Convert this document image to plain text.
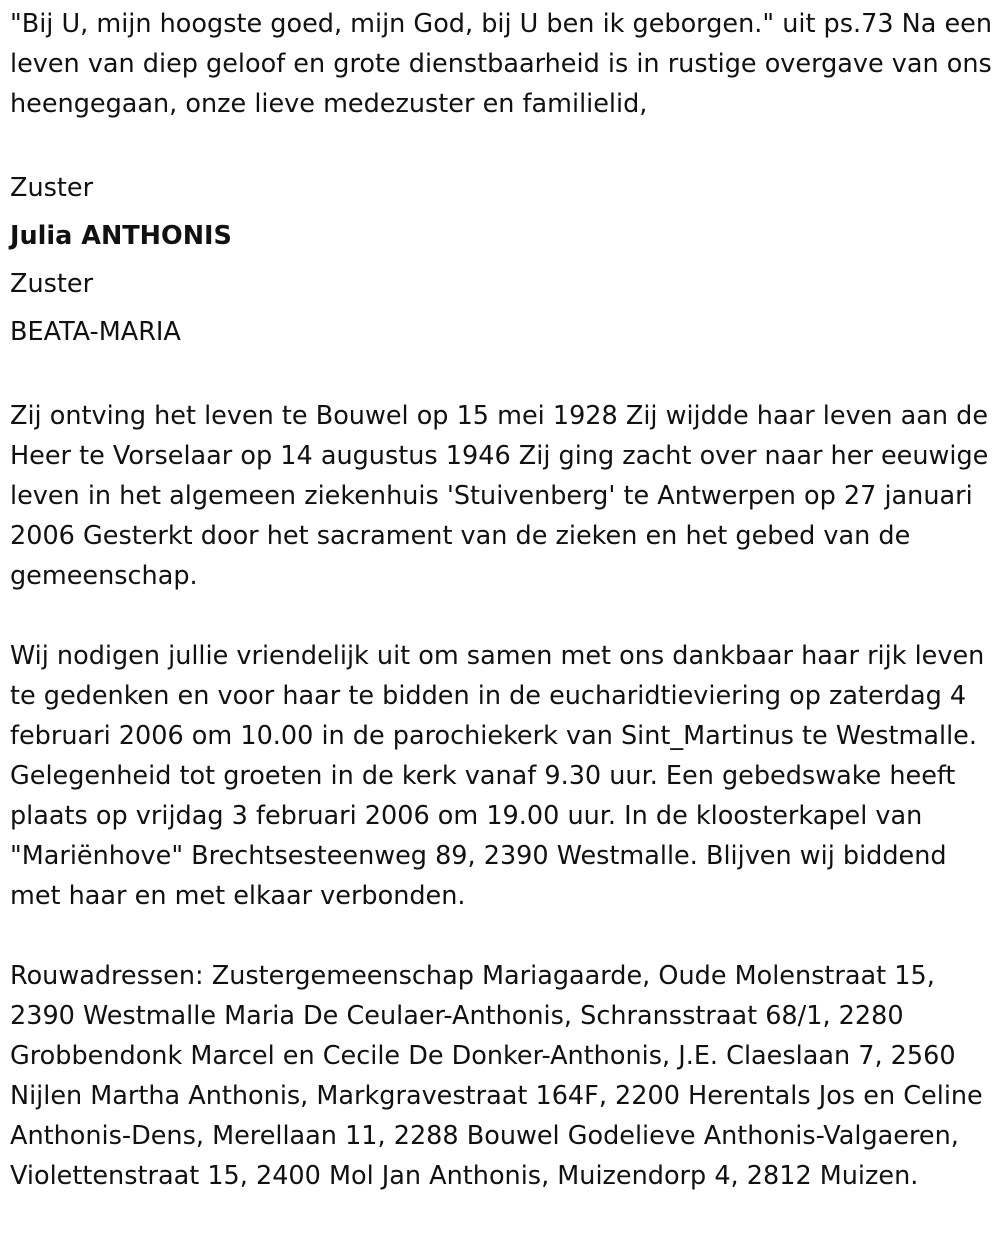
"Bij U, mijn hoogste goed, mijn God, bij U ben ik geborgen." uit ps.73 Na een leven van diep geloof en grote dienstbaarheid is in rustige overgave van ons heengegaan, onze lieve medezuster en familielid,

Zuster

Julia ANTHONIS

Zuster

BEATA-MARIA

Zij ontving het leven te Bouwel op 15 mei 1928 Zij wijdde haar leven aan de Heer te Vorselaar op 14 augustus 1946 Zij ging zacht over naar her eeuwige leven in het algemeen ziekenhuis 'Stuivenberg' te Antwerpen op 27 januari 2006 Gesterkt door het sacrament van de zieken en het gebed van de gemeenschap.

Wij nodigen jullie vriendelijk uit om samen met ons dankbaar haar rijk leven te gedenken en voor haar te bidden in de eucharidtieviering op zaterdag 4 februari 2006 om 10.00 in de parochiekerk van Sint_Martinus te Westmalle. Gelegenheid tot groeten in de kerk vanaf 9.30 uur. Een gebedswake heeft plaats op vrijdag 3 februari 2006 om 19.00 uur. In de kloosterkapel van "Mariënhove" Brechtsesteenweg 89, 2390 Westmalle. Blijven wij biddend met haar en met elkaar verbonden.

Rouwadressen: Zustergemeenschap Mariagaarde, Oude Molenstraat 15, 2390 Westmalle Maria De Ceulaer-Anthonis, Schransstraat 68/1, 2280 Grobbendonk Marcel en Cecile De Donker-Anthonis, J.E. Claeslaan 7, 2560 Nijlen Martha Anthonis, Markgravestraat 164F, 2200 Herentals Jos en Celine Anthonis-Dens, Merellaan 11, 2288 Bouwel Godelieve Anthonis-Valgaeren, Violettenstraat 15, 2400 Mol Jan Anthonis, Muizendorp 4, 2812 Muizen.
